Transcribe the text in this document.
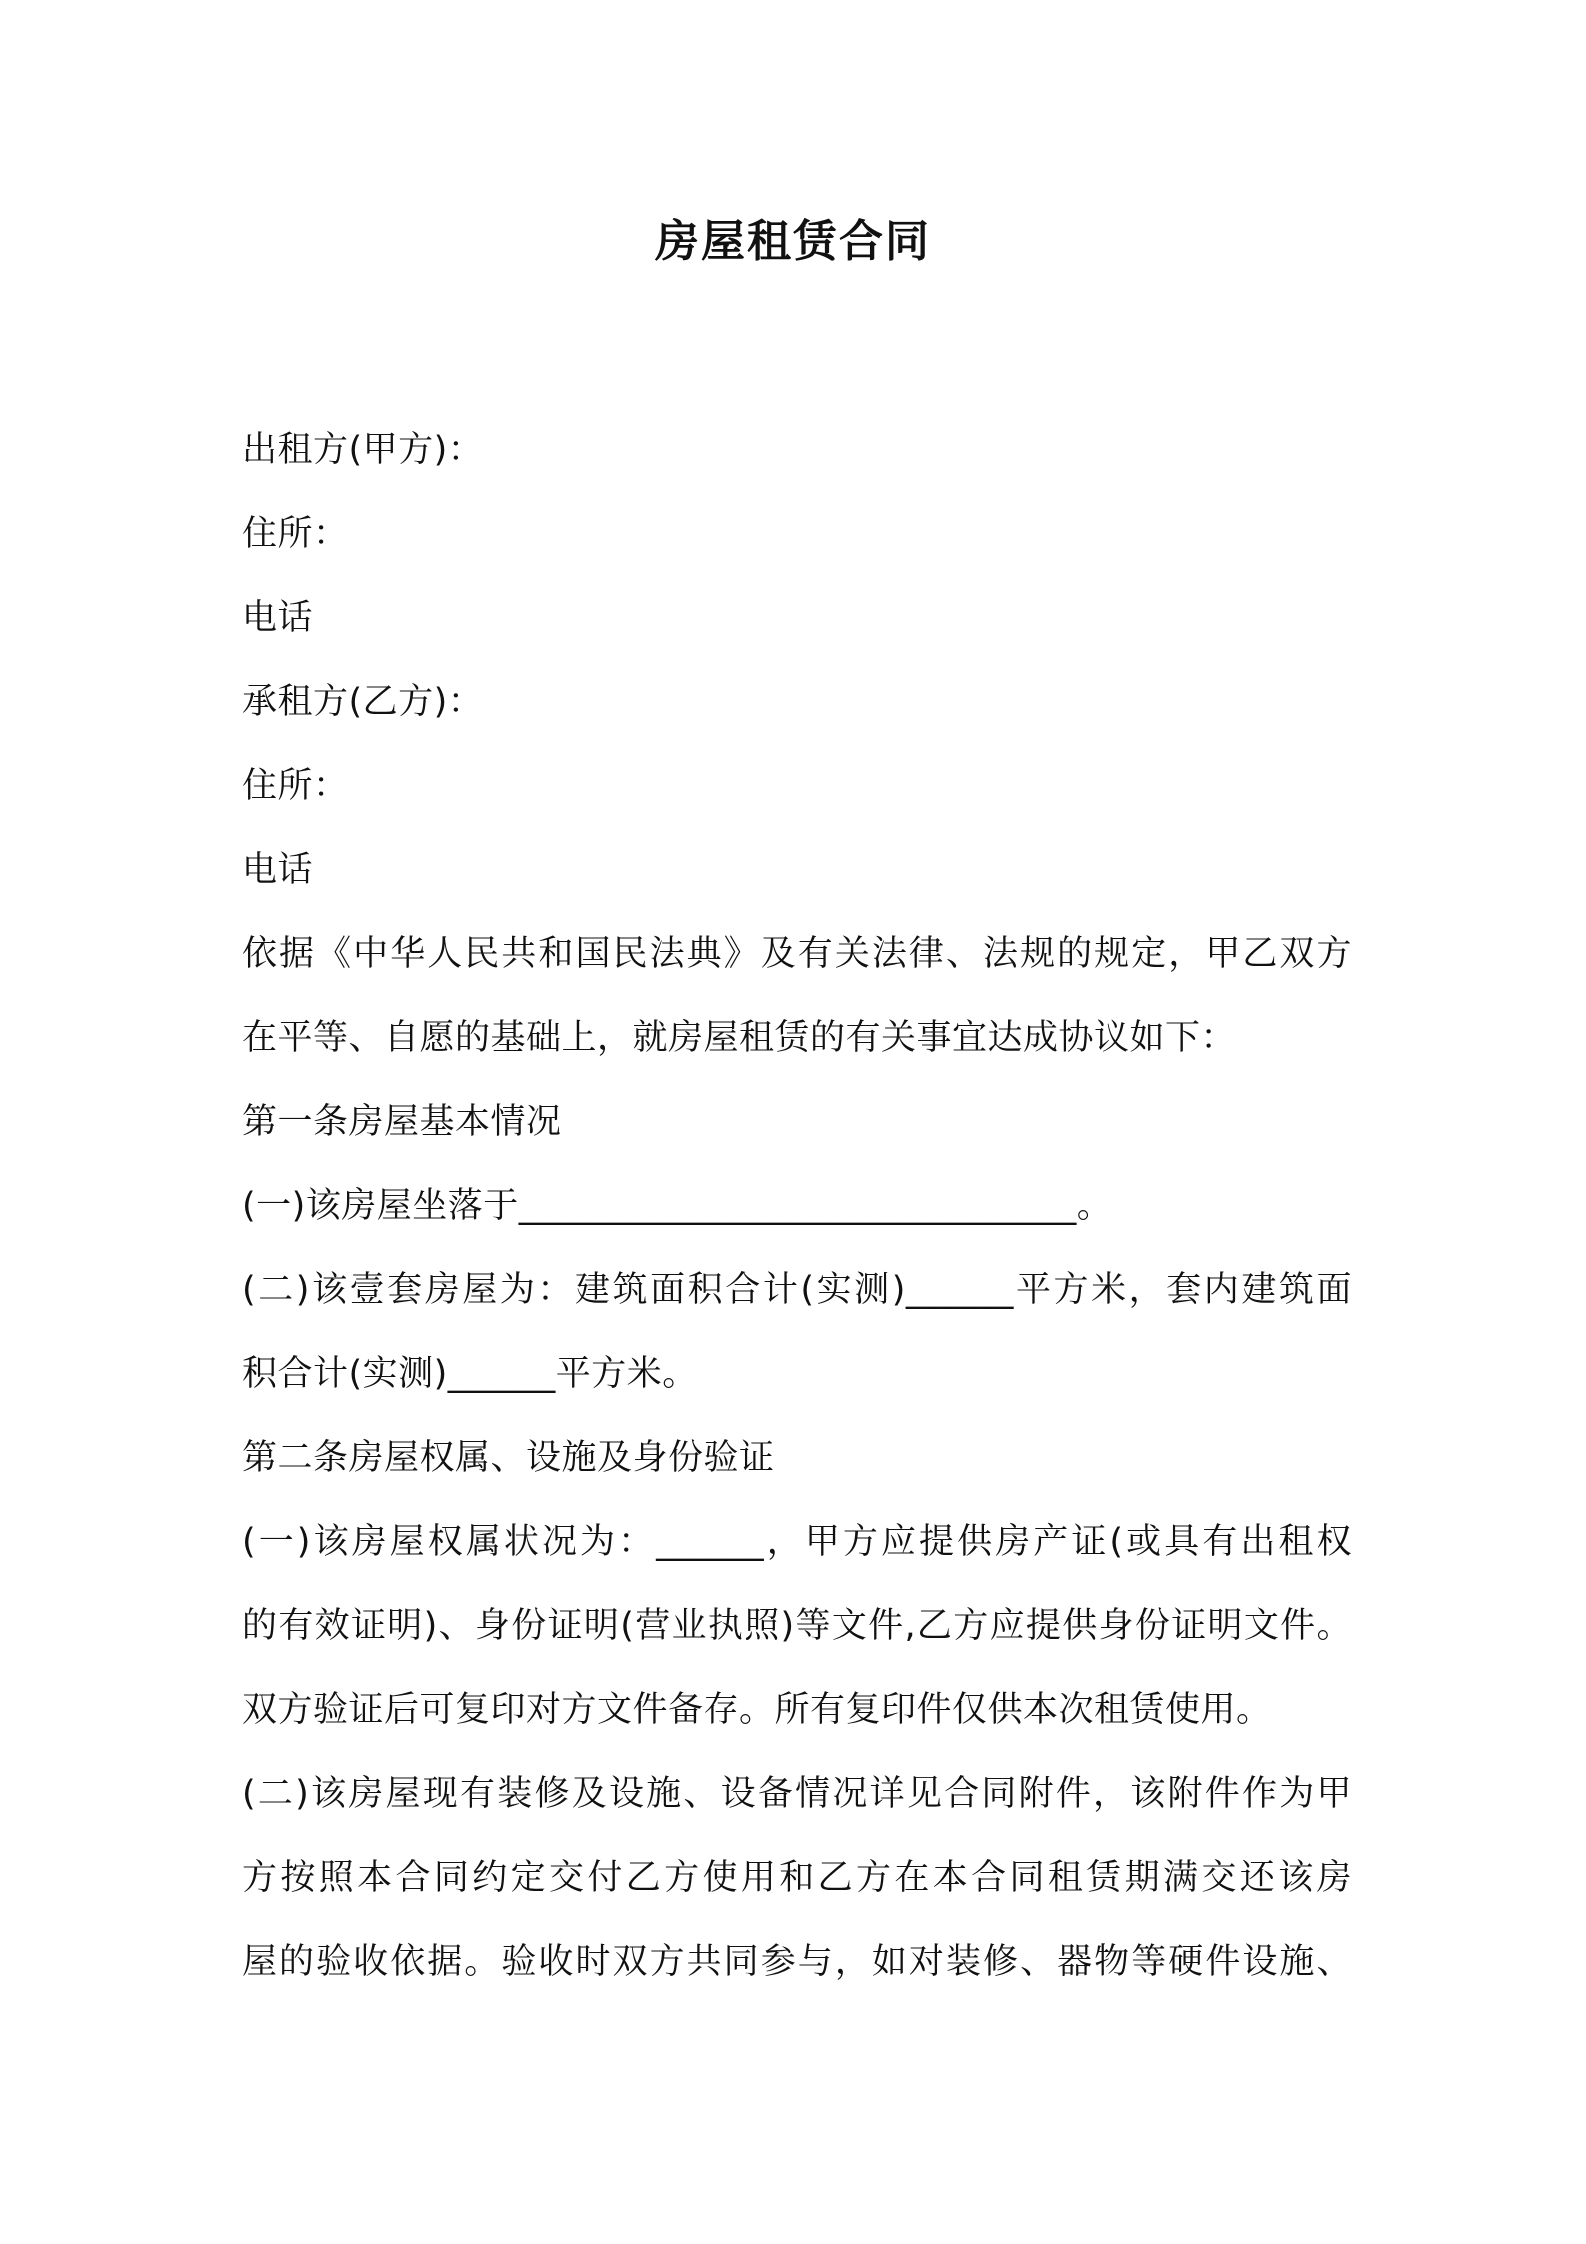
房屋租赁合同

出租方(甲方)：

住所：

电话

承租方(乙方)：

住所：

电话

依据《中华人民共和国民法典》及有关法律、法规的规定，甲乙双方

在平等、自愿的基础上，就房屋租赁的有关事宜达成协议如下：

第一条房屋基本情况

(一)该房屋坐落于_______________________________。

(二)该壹套房屋为：建筑面积合计(实测)______平方米，套内建筑面

积合计(实测)______平方米。

第二条房屋权属、设施及身份验证

(一)该房屋权属状况为：______，甲方应提供房产证(或具有出租权

的有效证明)、身份证明(营业执照)等文件,乙方应提供身份证明文件。

双方验证后可复印对方文件备存。所有复印件仅供本次租赁使用。

(二)该房屋现有装修及设施、设备情况详见合同附件，该附件作为甲

方按照本合同约定交付乙方使用和乙方在本合同租赁期满交还该房

屋的验收依据。验收时双方共同参与，如对装修、器物等硬件设施、
